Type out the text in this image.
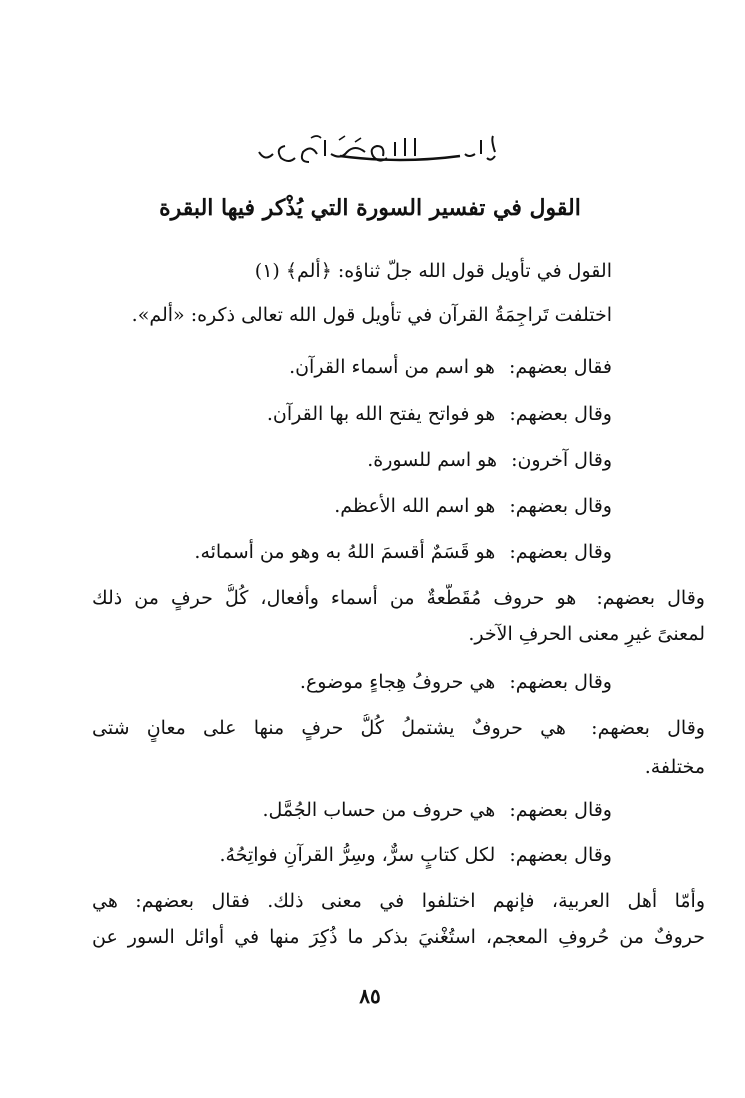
القول في تفسير السورة التي يُذْكر فيها البقرة
القول في تأويل قول الله جلّ ثناؤه: ﴿ألم﴾ (١)
اختلفت تَراجِمَةُ القرآن في تأويل قول الله تعالى ذكره: «ألم».
فقال بعضهم: هو اسم من أسماء القرآن.
وقال بعضهم: هو فواتح يفتح الله بها القرآن.
وقال آخرون: هو اسم للسورة.
وقال بعضهم: هو اسم الله الأعظم.
وقال بعضهم: هو قَسَمٌ أقسمَ اللهُ به وهو من أسمائه.
وقال بعضهم: هو حروف مُقَطَّعةٌ من أسماء وأفعال، كُلُّ حرفٍ من ذلك
لمعنىً غيرِ معنى الحرفِ الآخر.
وقال بعضهم: هي حروفُ هِجاءٍ موضوع.
وقال بعضهم: هي حروفٌ يشتملُ كُلُّ حرفٍ منها على معانٍ شتى
مختلفة.
وقال بعضهم: هي حروف من حساب الجُمَّل.
وقال بعضهم: لكل كتابٍ سرٌّ، وسِرُّ القرآنِ فواتِحُهُ.
وأمّا أهل العربية، فإنهم اختلفوا في معنى ذلك. فقال بعضهم: هي
حروفٌ من حُروفِ المعجم، استُغْنيَ بذكر ما ذُكِرَ منها في أوائل السور عن
٨٥
